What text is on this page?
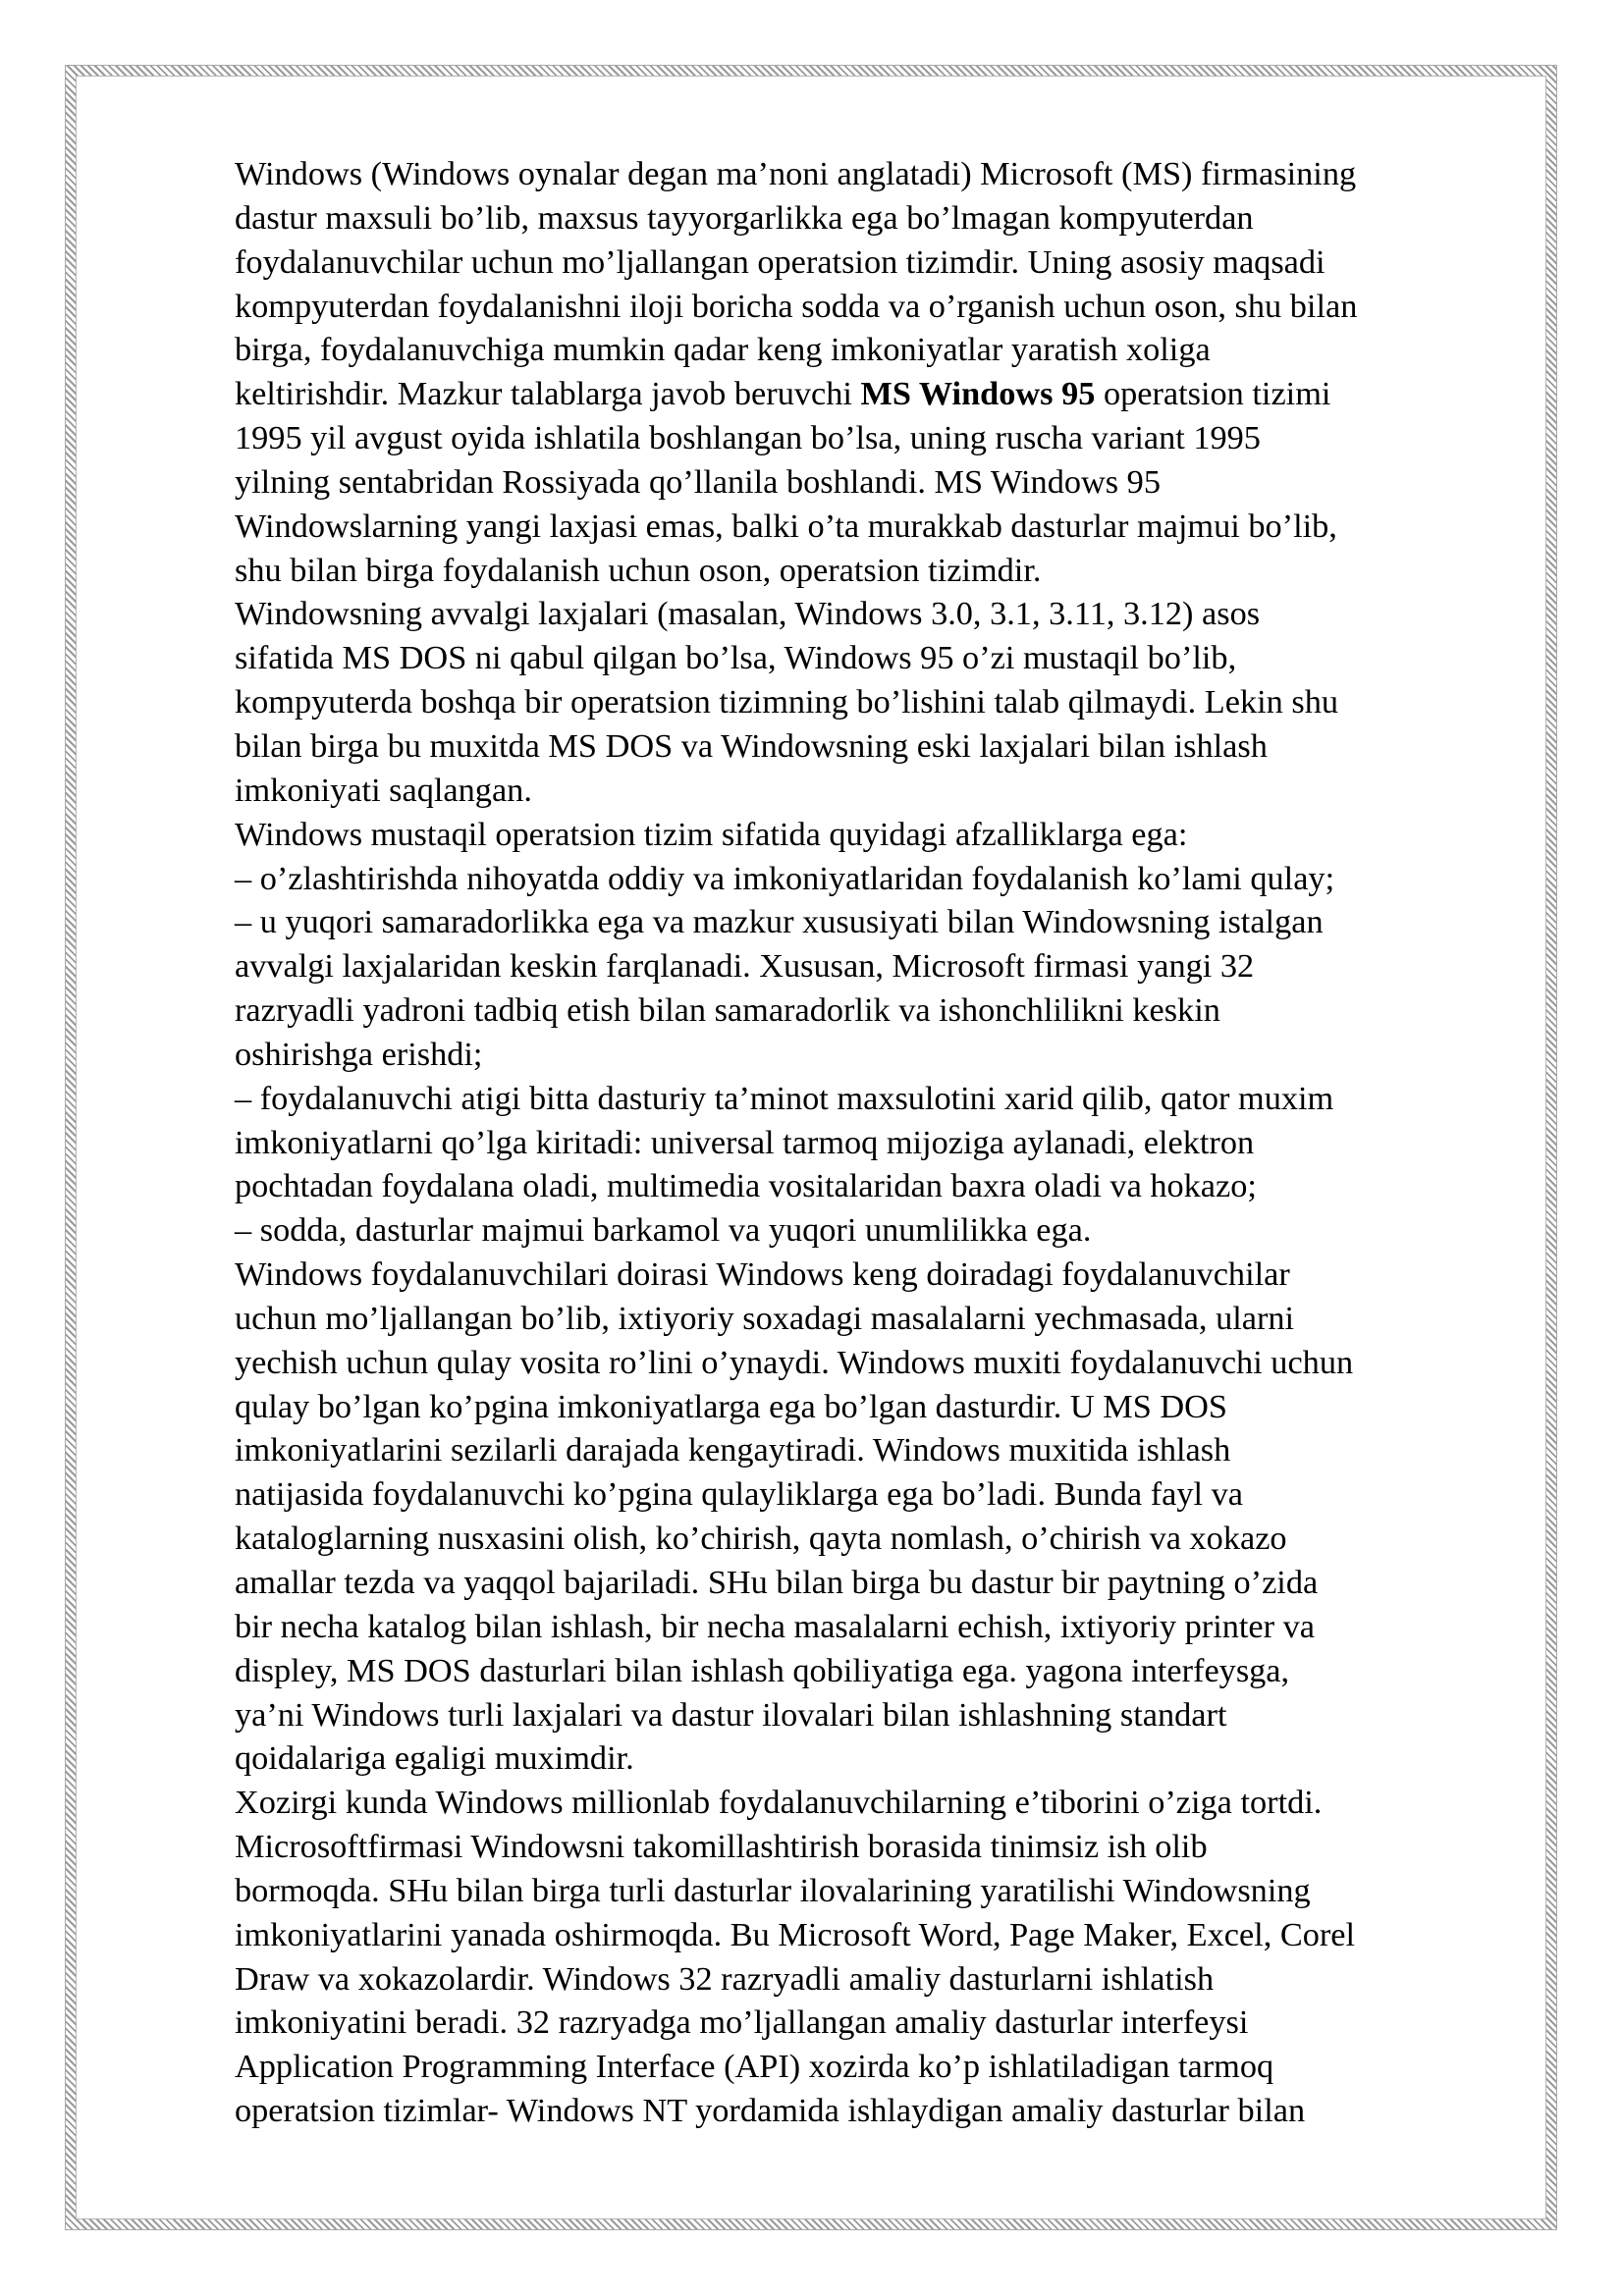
Windows (Windows oynalar degan ma’noni anglatadi) Microsoft (MS) firmasining

dastur maxsuli bo’lib, maxsus tayyorgarlikka ega bo’lmagan kompyuterdan

foydalanuvchilar uchun mo’ljallangan operatsion tizimdir. Uning asosiy maqsadi

kompyuterdan foydalanishni iloji boricha sodda va o’rganish uchun oson, shu bilan

birga, foydalanuvchiga mumkin qadar keng imkoniyatlar yaratish xoliga

keltirishdir. Mazkur talablarga javob beruvchi MS Windows 95 operatsion tizimi

1995 yil avgust oyida ishlatila boshlangan bo’lsa, uning ruscha variant 1995

yilning sentabridan Rossiyada qo’llanila boshlandi. MS Windows 95

Windowslarning yangi laxjasi emas, balki o’ta murakkab dasturlar majmui bo’lib,

shu bilan birga foydalanish uchun oson, operatsion tizimdir.

Windowsning avvalgi laxjalari (masalan, Windows 3.0, 3.1, 3.11, 3.12) asos

sifatida MS DOS ni qabul qilgan bo’lsa, Windows 95 o’zi mustaqil bo’lib,

kompyuterda boshqa bir operatsion tizimning bo’lishini talab qilmaydi. Lekin shu

bilan birga bu muxitda MS DOS va Windowsning eski laxjalari bilan ishlash

imkoniyati saqlangan.

Windows mustaqil operatsion tizim sifatida quyidagi afzalliklarga ega:

– o’zlashtirishda nihoyatda oddiy va imkoniyatlaridan foydalanish ko’lami qulay;

– u yuqori samaradorlikka ega va mazkur xususiyati bilan Windowsning istalgan

avvalgi laxjalaridan keskin farqlanadi. Xususan, Microsoft firmasi yangi 32

razryadli yadroni tadbiq etish bilan samaradorlik va ishonchlilikni keskin

oshirishga erishdi;

– foydalanuvchi atigi bitta dasturiy ta’minot maxsulotini xarid qilib, qator muxim

imkoniyatlarni qo’lga kiritadi: universal tarmoq mijoziga aylanadi, elektron

pochtadan foydalana oladi, multimedia vositalaridan baxra oladi va hokazo;

– sodda, dasturlar majmui barkamol va yuqori unumlilikka ega.

Windows foydalanuvchilari doirasi Windows keng doiradagi foydalanuvchilar

uchun mo’ljallangan bo’lib, ixtiyoriy soxadagi masalalarni yechmasada, ularni

yechish uchun qulay vosita ro’lini o’ynaydi. Windows muxiti foydalanuvchi uchun

qulay bo’lgan ko’pgina imkoniyatlarga ega bo’lgan dasturdir. U MS DOS

imkoniyatlarini sezilarli darajada kengaytiradi. Windows muxitida ishlash

natijasida foydalanuvchi ko’pgina qulayliklarga ega bo’ladi. Bunda fayl va

kataloglarning nusxasini olish, ko’chirish, qayta nomlash, o’chirish va xokazo

amallar tezda va yaqqol bajariladi. SHu bilan birga bu dastur bir paytning o’zida

bir necha katalog bilan ishlash, bir necha masalalarni echish, ixtiyoriy printer va

displey, MS DOS dasturlari bilan ishlash qobiliyatiga ega. yagona interfeysga,

ya’ni Windows turli laxjalari va dastur ilovalari bilan ishlashning standart

qoidalariga egaligi muximdir.

Xozirgi kunda Windows millionlab foydalanuvchilarning e’tiborini o’ziga tortdi.

Microsoftfirmasi Windowsni takomillashtirish borasida tinimsiz ish olib

bormoqda. SHu bilan birga turli dasturlar ilovalarining yaratilishi Windowsning

imkoniyatlarini yanada oshirmoqda. Bu Microsoft Word, Page Maker, Excel, Corel

Draw va xokazolardir. Windows 32 razryadli amaliy dasturlarni ishlatish

imkoniyatini beradi. 32 razryadga mo’ljallangan amaliy dasturlar interfeysi

Application Programming Interface (API) xozirda ko’p ishlatiladigan tarmoq

operatsion tizimlar- Windows NT yordamida ishlaydigan amaliy dasturlar bilan
